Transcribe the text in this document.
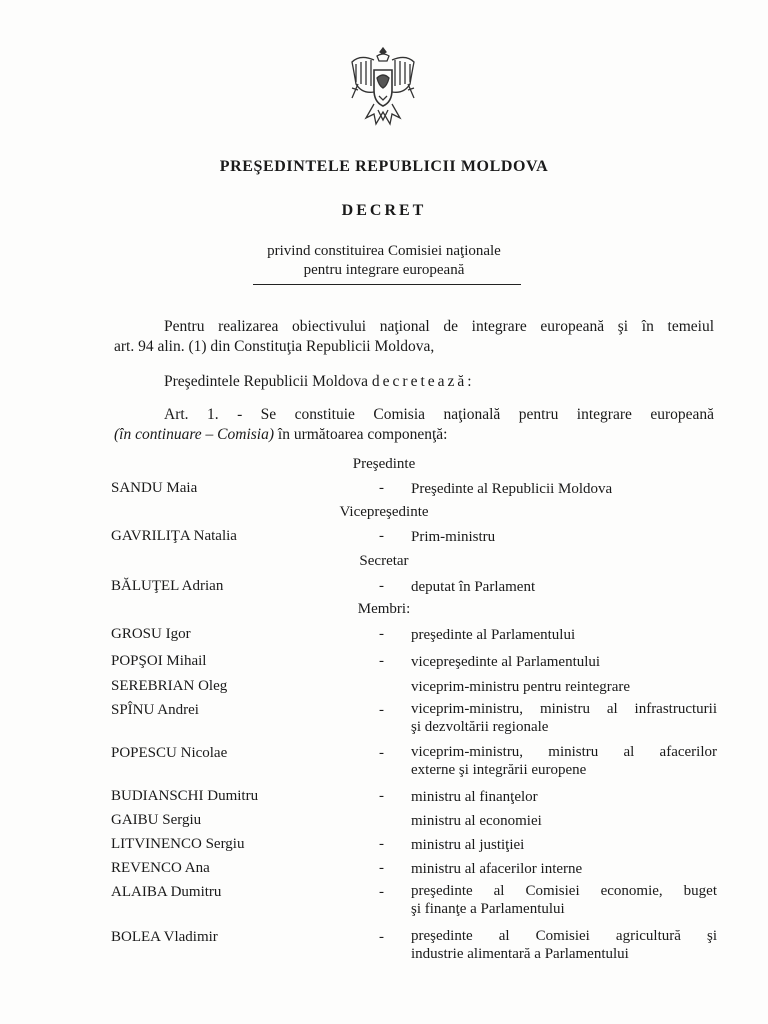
PREŞEDINTELE REPUBLICII MOLDOVA
DECRET
privind constituirea Comisiei naţionale
pentru integrare europeană
Pentru realizarea obiectivului naţional de integrare europeană şi în temeiul
art. 94 alin. (1) din Constituţia Republicii Moldova,
Preşedintele Republicii Moldova decretează:
Art. 1. - Se constituie Comisia naţională pentru integrare europeană
(în continuare – Comisia) în următoarea componenţă:
Preşedinte
SANDU Maia	- Preşedinte al Republicii Moldova
Vicepreşedinte
GAVRILIŢA Natalia	- Prim-ministru
Secretar
BĂLUŢEL Adrian	- deputat în Parlament
Membri:
GROSU Igor	- preşedinte al Parlamentului
POPŞOI Mihail	- vicepreşedinte al Parlamentului
SEREBRIAN Oleg	viceprim-ministru pentru reintegrare
SPÎNU Andrei	- viceprim-ministru, ministru al infrastructurii
şi dezvoltării regionale
POPESCU Nicolae	- viceprim-ministru, ministru al afacerilor
externe şi integrării europene
BUDIANSCHI Dumitru	- ministru al finanţelor
GAIBU Sergiu	ministru al economiei
LITVINENCO Sergiu	- ministru al justiţiei
REVENCO Ana	- ministru al afacerilor interne
ALAIBA Dumitru	- preşedinte al Comisiei economie, buget
şi finanţe a Parlamentului
BOLEA Vladimir	- preşedinte al Comisiei agricultură şi
industrie alimentară a Parlamentului
